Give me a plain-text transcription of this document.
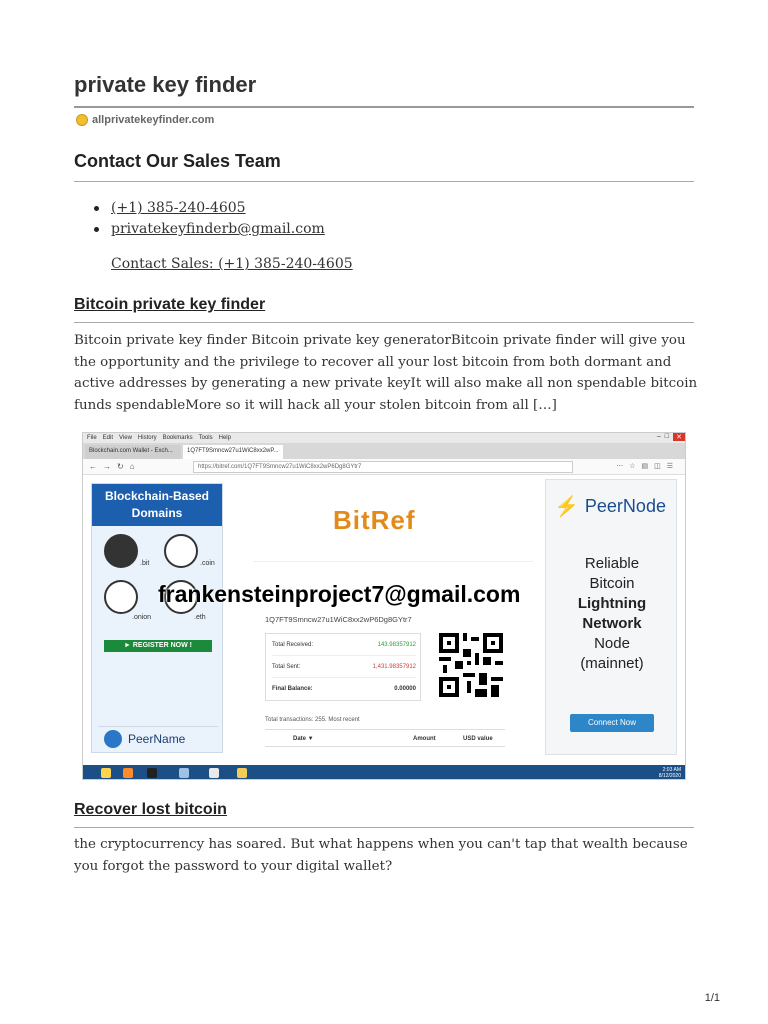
private key finder
allprivatekeyfinder.com
Contact Our Sales Team
(+1) 385-240-4605
privatekeyfinderb@gmail.com
Contact Sales: (+1) 385-240-4605
Bitcoin private key finder
Bitcoin private key finder Bitcoin private key generatorBitcoin private finder will give you the opportunity and the privilege to recover all your lost bitcoin from both dormant and active addresses by generating a new private keyIt will also make all non spendable bitcoin funds spendableMore so it will hack all your stolen bitcoin from all […]
File Edit View History Bookmarks Tools Help	– □	✕
Blockchain.com Wallet - Exch...	1Q7FT9Smncw27u1WiC8xx2wP...
←→↻⌂	https://bitref.com/1Q7FT9Smncw27u1WiC8xx2wP6Dg8GYtr7	⋯☆▤◫☰
Blockchain-Based Domains
.bit	.coin
.onion	.eth
► REGISTER NOW !
PeerName
BitRef
1Q7FT9Smncw27u1WiC8xx2wP6Dg8GYtr7
Total Received:	143.98357912
Total Sent:	1,431.98357912
Final Balance:	0.00000
Total transactions: 255. Most recent
Date ▼	Amount	USD value
⚡ PeerNode
Reliable
Bitcoin
Lightning
Network
Node
(mainnet)
Connect Now
frankensteinproject7@gmail.com
2:03 AM
8/12/2020
Recover lost bitcoin
the cryptocurrency has soared. But what happens when you can't tap that wealth because you forgot the password to your digital wallet?
1/1
